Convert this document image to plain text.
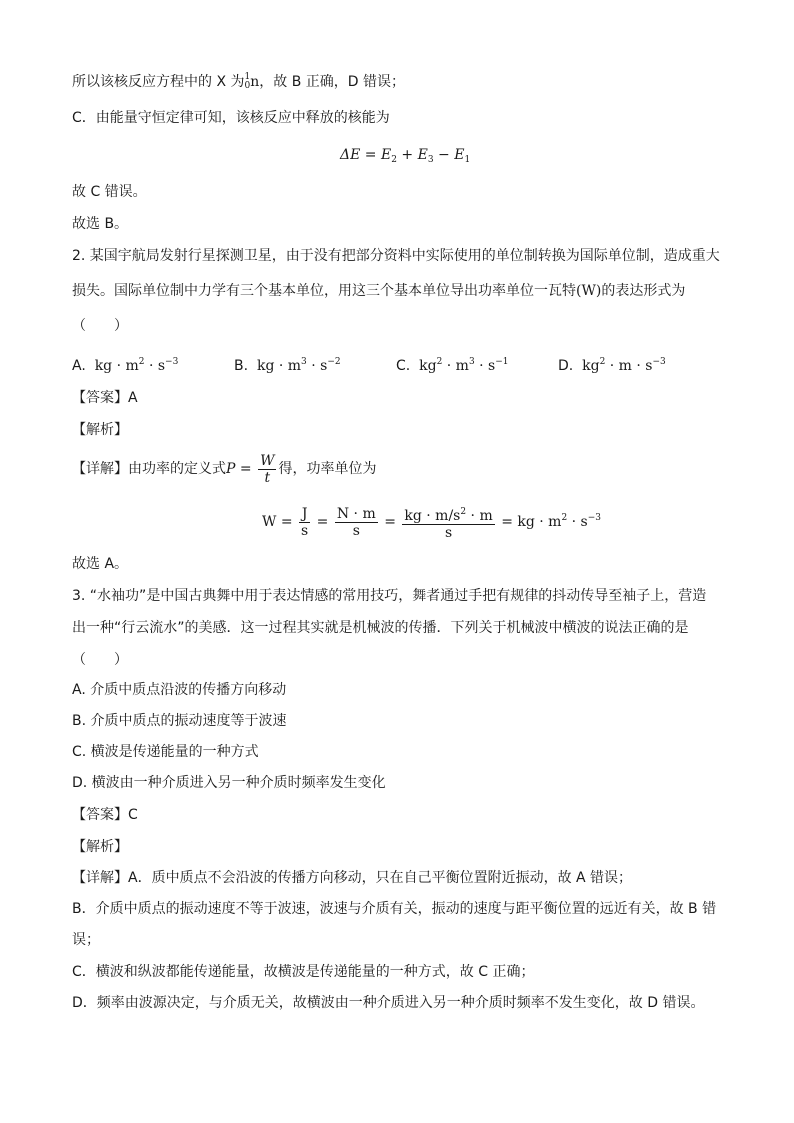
所以该核反应方程中的 X 为 1
0 n，故 B 正确，D 错误；
C．由能量守恒定律可知，该核反应中释放的核能为
$\Delta E = E_2 + E_3 - E_1$
故 C 错误。
故选 B。
2. 某国宇航局发射行星探测卫星，由于没有把部分资料中实际使用的单位制转换为国际单位制，造成重大
损失。国际单位制中力学有三个基本单位，用这三个基本单位导出功率单位一瓦特(W)的表达形式为
（　　）
A. kg · $m^2 \cdot s^{-3}$	B. kg · $m^3 \cdot s^{-2}$	C. $kg^2 \cdot m^3 \cdot s^{-1}$	D. $kg^2 \cdot m \cdot s^{-3}$
【答案】A
【解析】
【详解】由功率的定义式$P = \frac{W}{t}$ 得，功率单位为
$W = \frac{J}{s} = \frac{N \cdot m}{s} = \frac{kg \cdot m/s^2 \cdot m}{s}$ = kg · $m^2 \cdot s^{-3}$
故选 A。
3. “水袖功”是中国古典舞中用于表达情感的常用技巧，舞者通过手把有规律的抖动传导至袖子上，营造
出一种“行云流水”的美感．这一过程其实就是机械波的传播．下列关于机械波中横波的说法正确的是
（　　）
A. 介质中质点沿波的传播方向移动
B. 介质中质点的振动速度等于波速
C. 横波是传递能量的一种方式
D. 横波由一种介质进入另一种介质时频率发生变化
【答案】C
【解析】
【详解】A．质中质点不会沿波的传播方向移动，只在自己平衡位置附近振动，故 A 错误；
B．介质中质点的振动速度不等于波速，波速与介质有关，振动的速度与距平衡位置的远近有关，故 B 错
误；
C．横波和纵波都能传递能量，故横波是传递能量的一种方式，故 C 正确；
D．频率由波源决定，与介质无关，故横波由一种介质进入另一种介质时频率不发生变化，故 D 错误。
